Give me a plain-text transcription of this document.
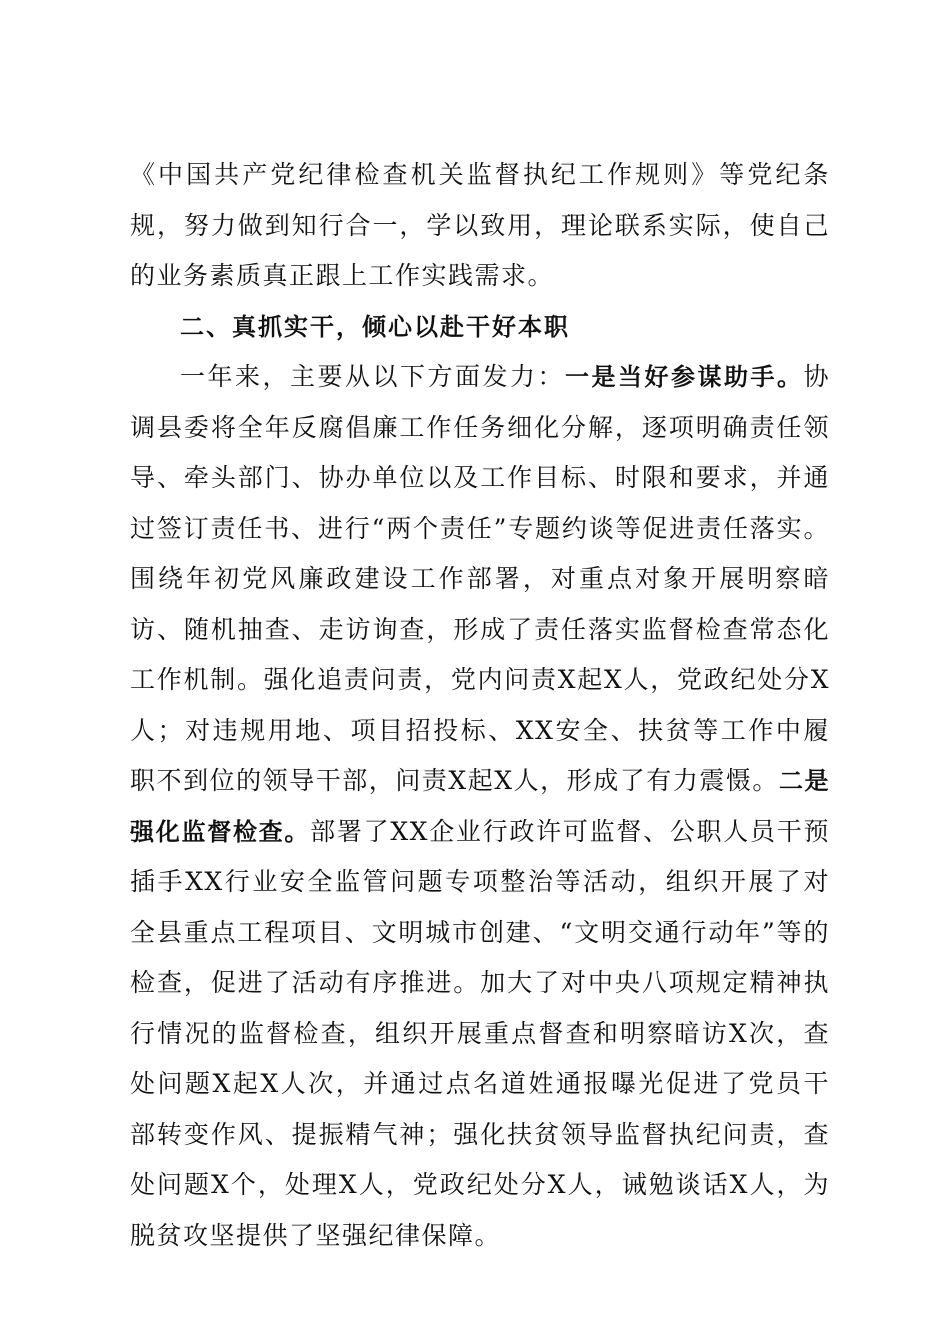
《中国共产党纪律检查机关监督执纪工作规则》等党纪条规，努力做到知行合一，学以致用，理论联系实际，使自己的业务素质真正跟上工作实践需求。

二、真抓实干，倾心以赴干好本职

一年来，主要从以下方面发力：一是当好参谋助手。协调县委将全年反腐倡廉工作任务细化分解，逐项明确责任领导、牵头部门、协办单位以及工作目标、时限和要求，并通过签订责任书、进行“两个责任”专题约谈等促进责任落实。围绕年初党风廉政建设工作部署，对重点对象开展明察暗访、随机抽查、走访询查，形成了责任落实监督检查常态化工作机制。强化追责问责，党内问责X起X人，党政纪处分X人；对违规用地、项目招投标、XX安全、扶贫等工作中履职不到位的领导干部，问责X起X人，形成了有力震慑。二是强化监督检查。部署了XX企业行政许可监督、公职人员干预插手XX行业安全监管问题专项整治等活动，组织开展了对全县重点工程项目、文明城市创建、“文明交通行动年”等的检查，促进了活动有序推进。加大了对中央八项规定精神执行情况的监督检查，组织开展重点督查和明察暗访X次，查处问题X起X人次，并通过点名道姓通报曝光促进了党员干部转变作风、提振精气神；强化扶贫领导监督执纪问责，查处问题X个，处理X人，党政纪处分X人，诫勉谈话X人，为脱贫攻坚提供了坚强纪律保障。
